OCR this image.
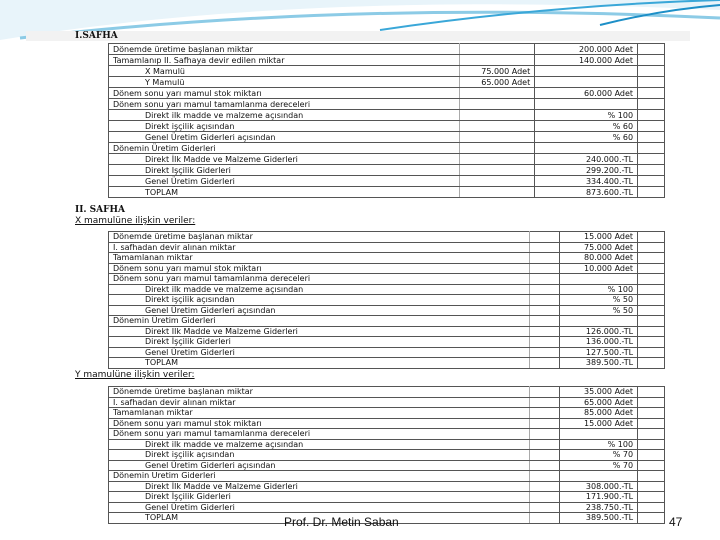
I.SAFHA
Dönemde üretime başlanan miktar		200.000 Adet	
Tamamlanıp II. Safhaya devir edilen miktar		140.000 Adet	
X Mamulü	75.000 Adet		
Y Mamulü	65.000 Adet		
Dönem sonu yarı mamul stok miktarı		60.000 Adet	
Dönem sonu yarı mamul tamamlanma dereceleri			
Direkt ilk madde ve malzeme açısından		% 100	
Direkt işçilik açısından		% 60	
Genel Üretim Giderleri açısından		% 60	
Dönemin Üretim Giderleri			
Direkt İlk Madde ve Malzeme Giderleri		240.000.-TL	
Direkt Işçilik Giderleri		299.200.-TL	
Genel Üretim Giderleri		334.400.-TL	
TOPLAM		873.600.-TL	
II. SAFHA
X mamulüne ilişkin veriler:
Dönemde üretime başlanan miktar		15.000 Adet	
I. safhadan devir alınan miktar		75.000 Adet	
Tamamlanan miktar		80.000 Adet	
Dönem sonu yarı mamul stok miktarı		10.000 Adet	
Dönem sonu yarı mamul tamamlanma dereceleri			
Direkt ilk madde ve malzeme açısından		% 100	
Direkt işçilik açısından		% 50	
Genel Üretim Giderleri açısından		% 50	
Dönemin Üretim Giderleri			
Direkt Ilk Madde ve Malzeme Giderleri		126.000.-TL	
Direkt İşçilik Giderleri		136.000.-TL	
Genel Üretim Giderleri		127.500.-TL	
TOPLAM		389.500.-TL	
Y mamulüne ilişkin veriler:
Dönemde üretime başlanan miktar		35.000 Adet	
I. safhadan devir alınan miktar		65.000 Adet	
Tamamlanan miktar		85.000 Adet	
Dönem sonu yarı mamul stok miktarı		15.000 Adet	
Dönem sonu yarı mamul tamamlanma dereceleri			
Direkt ilk madde ve malzeme açısından		% 100	
Direkt işçilik açısından		% 70	
Genel Üretim Giderleri açısından		% 70	
Dönemin Uretim Giderleri			
Direkt İlk Madde ve Malzeme Giderleri		308.000.-TL	
Direkt İşçilik Giderleri		171.900.-TL	
Genel Üretim Giderleri		238.750.-TL	
TOPLAM		389.500.-TL	
Prof. Dr. Metin Saban	47
